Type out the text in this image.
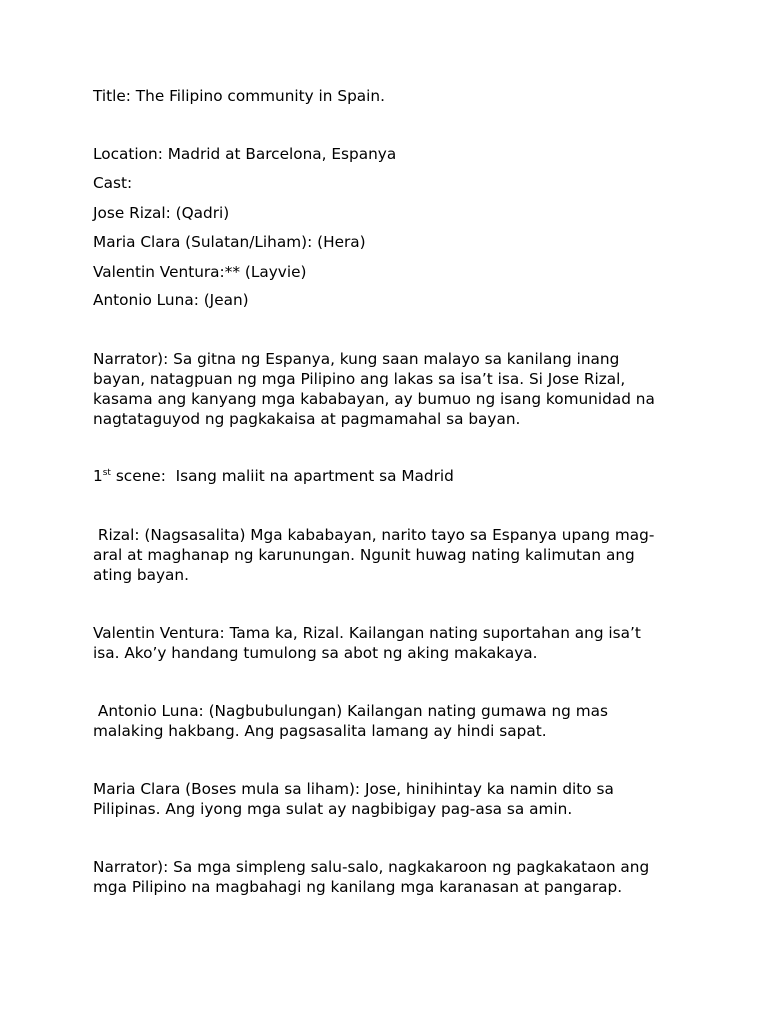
Title: The Filipino community in Spain.

Location: Madrid at Barcelona, Espanya

Cast:

Jose Rizal: (Qadri)

Maria Clara (Sulatan/Liham): (Hera)

Valentin Ventura:** (Layvie)

Antonio Luna: (Jean)

Narrator): Sa gitna ng Espanya, kung saan malayo sa kanilang inang
bayan, natagpuan ng mga Pilipino ang lakas sa isa’t isa. Si Jose Rizal,
kasama ang kanyang mga kababayan, ay bumuo ng isang komunidad na
nagtataguyod ng pagkakaisa at pagmamahal sa bayan.

1st scene:  Isang maliit na apartment sa Madrid

Rizal: (Nagsasalita) Mga kababayan, narito tayo sa Espanya upang mag-
aral at maghanap ng karunungan. Ngunit huwag nating kalimutan ang
ating bayan.
Valentin Ventura: Tama ka, Rizal. Kailangan nating suportahan ang isa’t
isa. Ako’y handang tumulong sa abot ng aking makakaya.
Antonio Luna: (Nagbubulungan) Kailangan nating gumawa ng mas
malaking hakbang. Ang pagsasalita lamang ay hindi sapat.
Maria Clara (Boses mula sa liham): Jose, hinihintay ka namin dito sa
Pilipinas. Ang iyong mga sulat ay nagbibigay pag-asa sa amin.
Narrator): Sa mga simpleng salu-salo, nagkakaroon ng pagkakataon ang
mga Pilipino na magbahagi ng kanilang mga karanasan at pangarap.
